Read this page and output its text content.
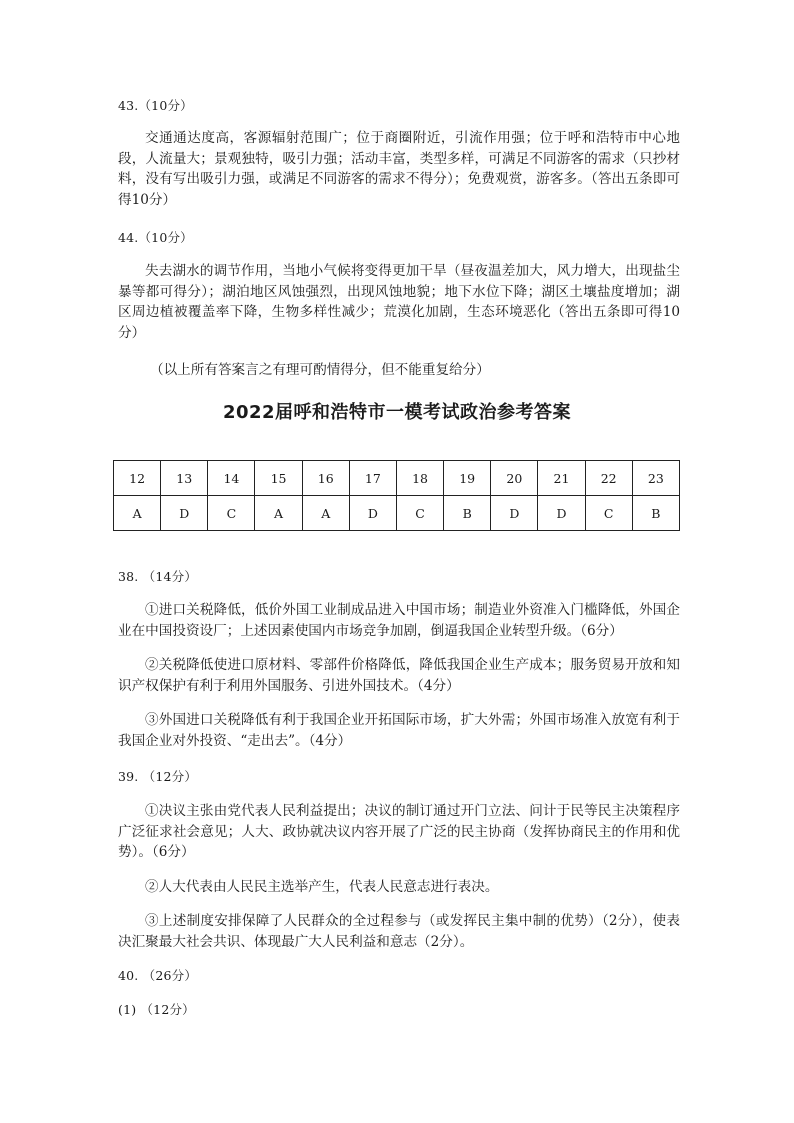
43.（10分）
交通通达度高，客源辐射范围广；位于商圈附近，引流作用强；位于呼和浩特市中心地段，人流量大；景观独特，吸引力强；活动丰富，类型多样，可满足不同游客的需求（只抄材料，没有写出吸引力强，或满足不同游客的需求不得分）；免费观赏，游客多。（答出五条即可得10分）
44.（10分）
失去湖水的调节作用，当地小气候将变得更加干旱（昼夜温差加大，风力增大，出现盐尘暴等都可得分）；湖泊地区风蚀强烈，出现风蚀地貌；地下水位下降；湖区土壤盐度增加；湖区周边植被覆盖率下降，生物多样性减少；荒漠化加剧，生态环境恶化（答出五条即可得10分）
（以上所有答案言之有理可酌情得分，但不能重复给分）
2022届呼和浩特市一模考试政治参考答案
12	13	14	15	16	17	18	19	20	21	22	23
A	D	C	A	A	D	C	B	D	D	C	B
38. （14分）
①进口关税降低，低价外国工业制成品进入中国市场；制造业外资准入门槛降低，外国企业在中国投资设厂；上述因素使国内市场竞争加剧，倒逼我国企业转型升级。（6分）
②关税降低使进口原材料、零部件价格降低，降低我国企业生产成本；服务贸易开放和知识产权保护有利于利用外国服务、引进外国技术。（4分）
③外国进口关税降低有利于我国企业开拓国际市场，扩大外需；外国市场准入放宽有利于我国企业对外投资、“走出去”。（4分）
39. （12分）
①决议主张由党代表人民利益提出；决议的制订通过开门立法、问计于民等民主决策程序广泛征求社会意见；人大、政协就决议内容开展了广泛的民主协商（发挥协商民主的作用和优势）。（6分）
②人大代表由人民民主选举产生，代表人民意志进行表决。
③上述制度安排保障了人民群众的全过程参与（或发挥民主集中制的优势）（2分），使表决汇聚最大社会共识、体现最广大人民利益和意志（2分）。
40. （26分）
(1) （12分）
